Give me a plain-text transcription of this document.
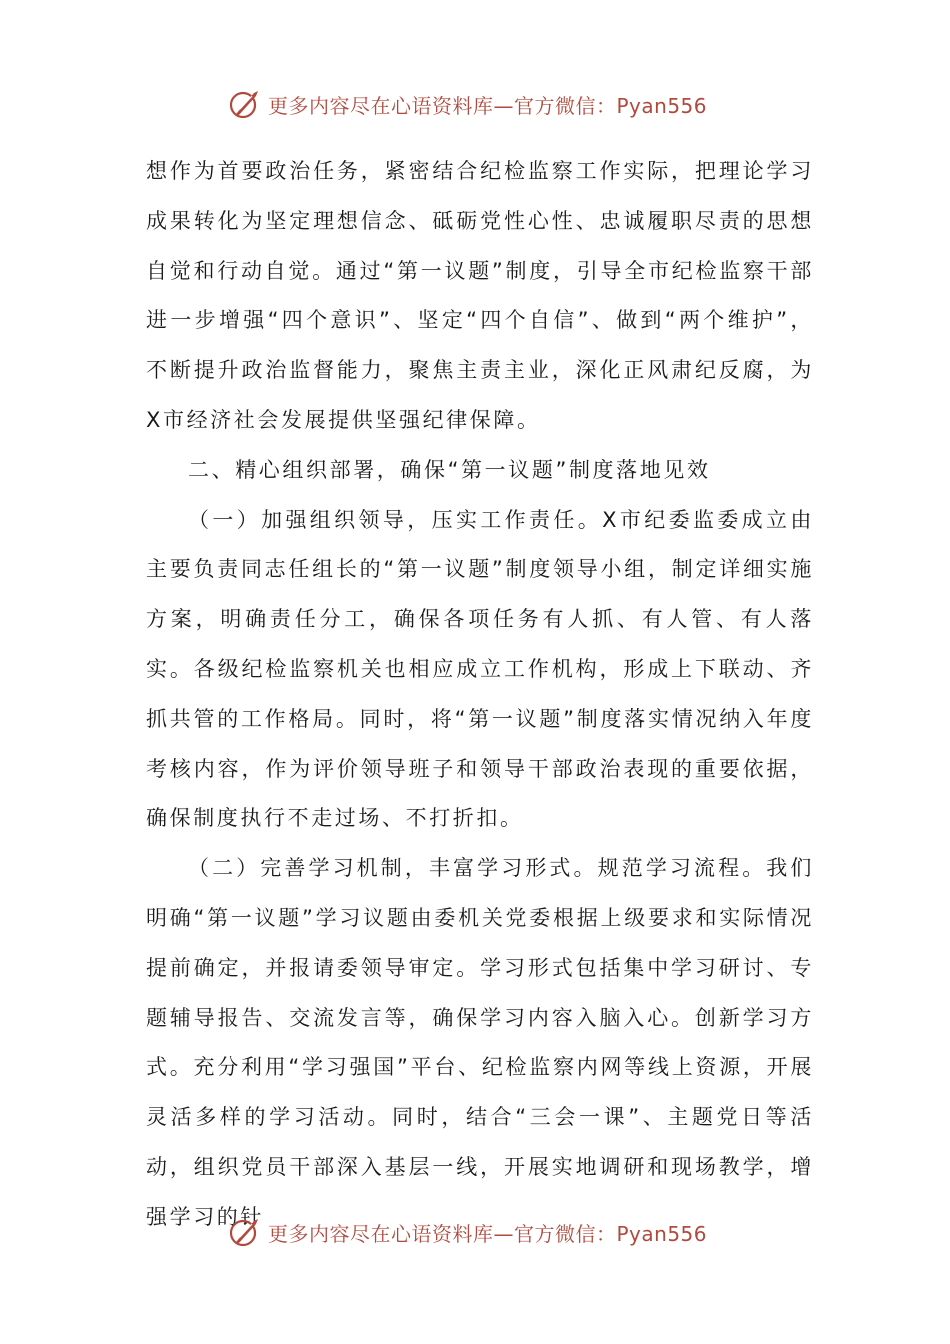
更多内容尽在心语资料库—官方微信：Pyan556

想作为首要政治任务，紧密结合纪检监察工作实际，把理论学习成果转化为坚定理想信念、砥砺党性心性、忠诚履职尽责的思想自觉和行动自觉。通过“第一议题”制度，引导全市纪检监察干部进一步增强“四个意识”、坚定“四个自信”、做到“两个维护”，不断提升政治监督能力，聚焦主责主业，深化正风肃纪反腐，为X市经济社会发展提供坚强纪律保障。

二、精心组织部署，确保“第一议题”制度落地见效

（一）加强组织领导，压实工作责任。X市纪委监委成立由主要负责同志任组长的“第一议题”制度领导小组，制定详细实施方案，明确责任分工，确保各项任务有人抓、有人管、有人落实。各级纪检监察机关也相应成立工作机构，形成上下联动、齐抓共管的工作格局。同时，将“第一议题”制度落实情况纳入年度考核内容，作为评价领导班子和领导干部政治表现的重要依据，确保制度执行不走过场、不打折扣。

（二）完善学习机制，丰富学习形式。规范学习流程。我们明确“第一议题”学习议题由委机关党委根据上级要求和实际情况提前确定，并报请委领导审定。学习形式包括集中学习研讨、专题辅导报告、交流发言等，确保学习内容入脑入心。创新学习方式。充分利用“学习强国”平台、纪检监察内网等线上资源，开展灵活多样的学习活动。同时，结合“三会一课”、主题党日等活动，组织党员干部深入基层一线，开展实地调研和现场教学，增强学习的针

更多内容尽在心语资料库—官方微信：Pyan556
